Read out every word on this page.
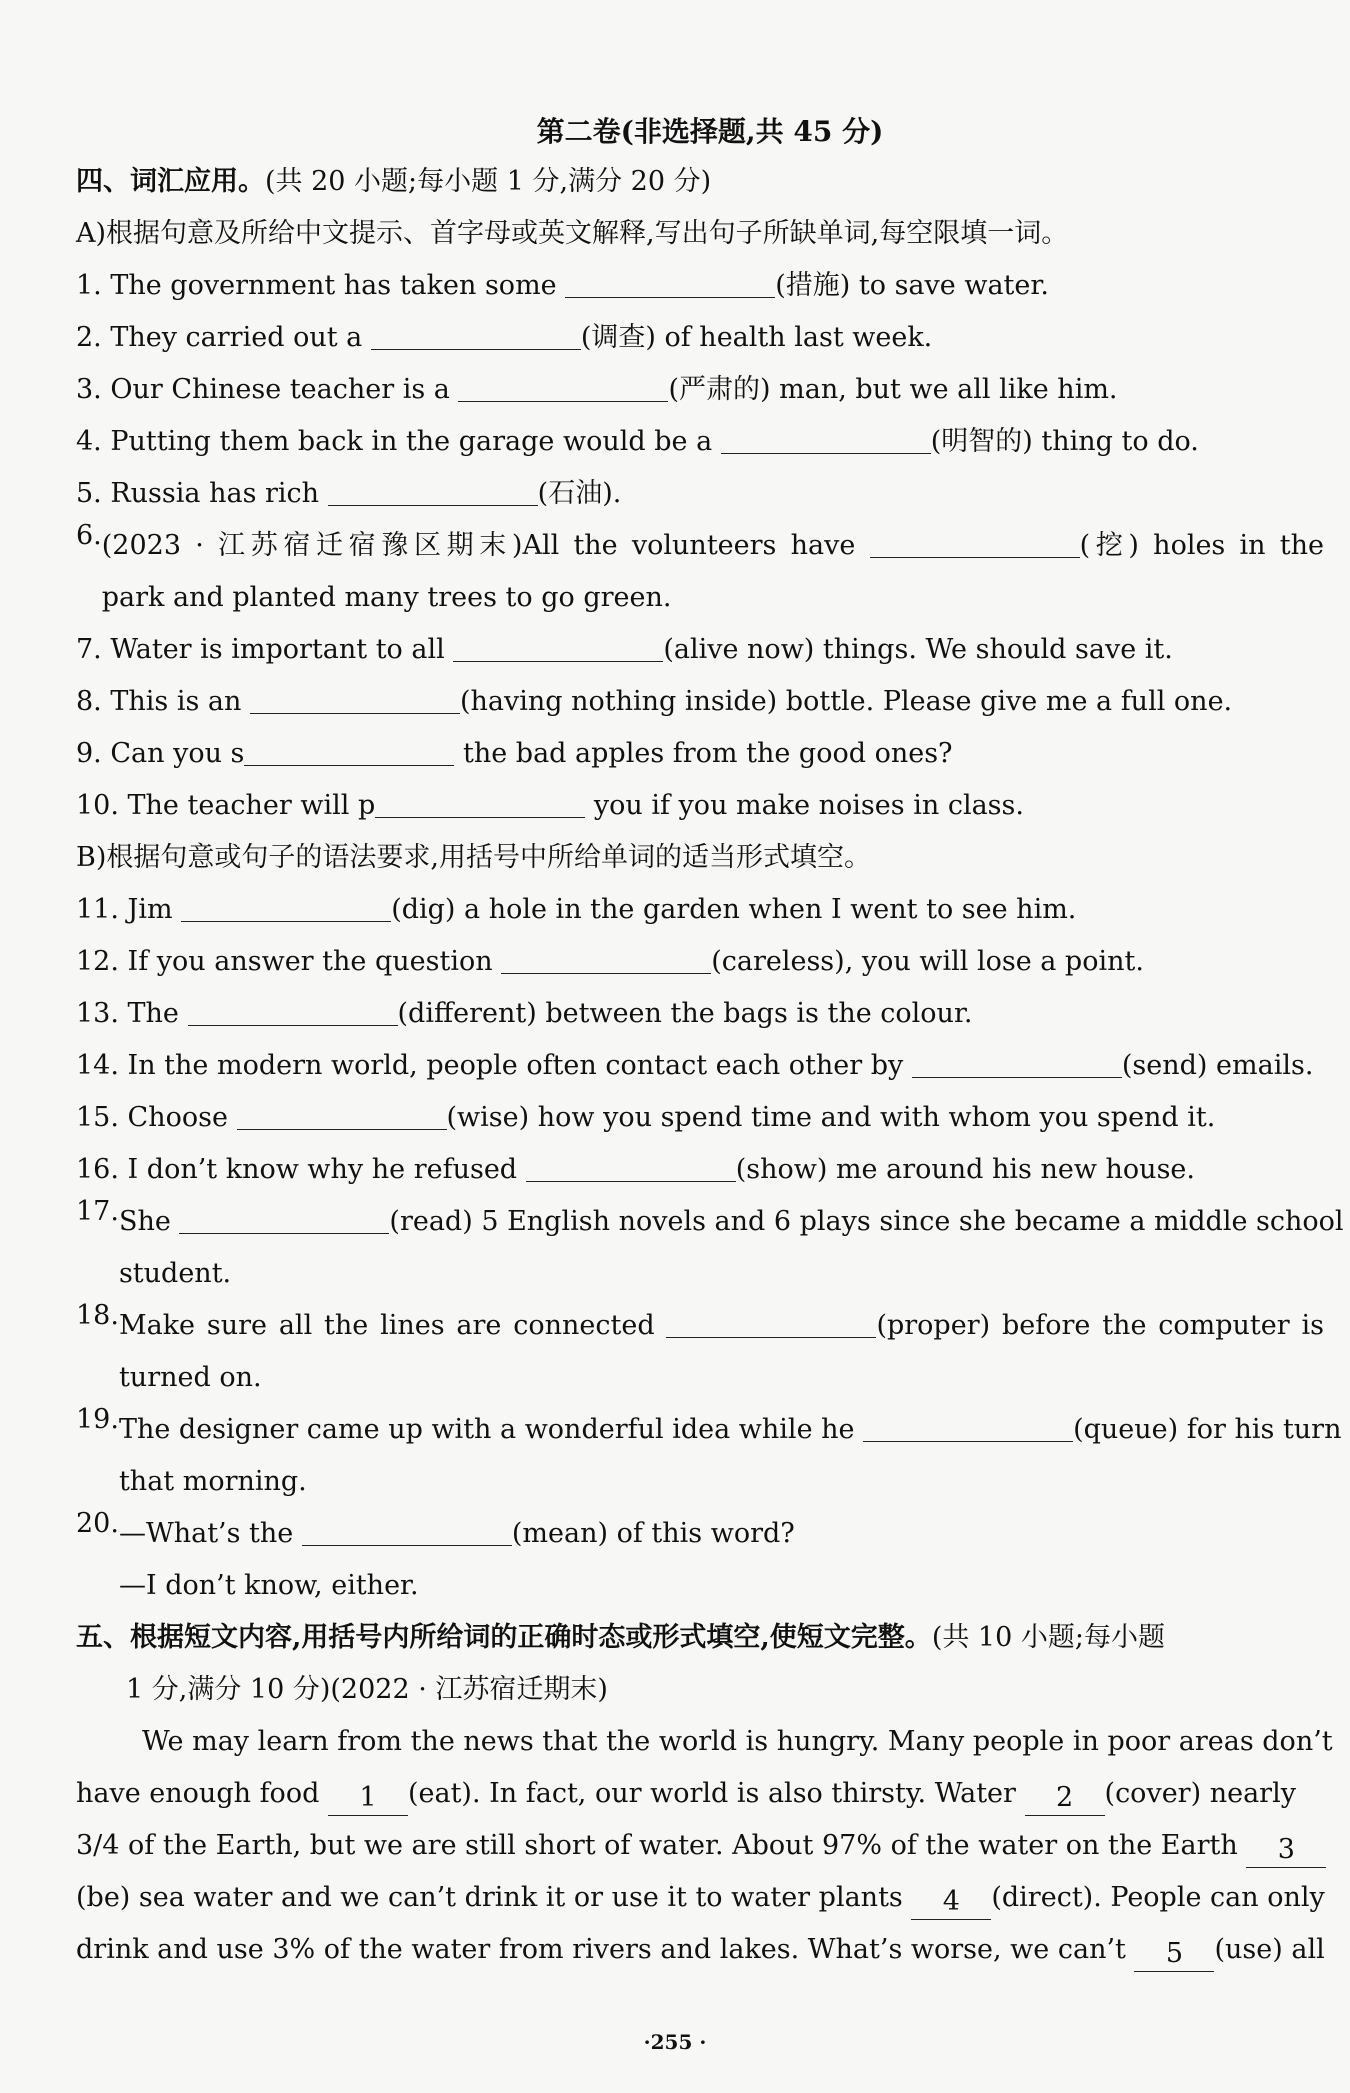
第二卷(非选择题,共 45 分)
四、词汇应用。(共 20 小题;每小题 1 分,满分 20 分)
A)根据句意及所给中文提示、首字母或英文解释,写出句子所缺单词,每空限填一词。
1. The government has taken some	(措施) to save water.
2. They carried out a	(调查) of health last week.
3. Our Chinese teacher is a	(严肃的) man, but we all like him.
4. Putting them back in the garage would be a	(明智的) thing to do.
5. Russia has rich	(石油).
6. (2023 · 江苏宿迁宿豫区期末)All the volunteers have	(挖) holes in the
park and planted many trees to go green.
7. Water is important to all	(alive now) things. We should save it.
8. This is an	(having nothing inside) bottle. Please give me a full one.
9. Can you s	the bad apples from the good ones?
10. The teacher will p	you if you make noises in class.
B)根据句意或句子的语法要求,用括号中所给单词的适当形式填空。
11. Jim	(dig) a hole in the garden when I went to see him.
12. If you answer the question	(careless), you will lose a point.
13. The	(different) between the bags is the colour.
14. In the modern world, people often contact each other by	(send) emails.
15. Choose	(wise) how you spend time and with whom you spend it.
16. I don’t know why he refused	(show) me around his new house.
17. She	(read) 5 English novels and 6 plays since she became a middle school
student.
18. Make sure all the lines are connected	(proper) before the computer is
turned on.
19. The designer came up with a wonderful idea while he	(queue) for his turn
that morning.
20. —What’s the	(mean) of this word?
—I don’t know, either.
五、根据短文内容,用括号内所给词的正确时态或形式填空,使短文完整。(共 10 小题;每小题
1 分,满分 10 分)(2022 · 江苏宿迁期末)
We may learn from the news that the world is hungry. Many people in poor areas don’t
have enough food 1 (eat). In fact, our world is also thirsty. Water 2 (cover) nearly
3/4 of the Earth, but we are still short of water. About 97% of the water on the Earth 3
(be) sea water and we can’t drink it or use it to water plants 4 (direct). People can only
drink and use 3% of the water from rivers and lakes. What’s worse, we can’t 5 (use) all
·255 ·
